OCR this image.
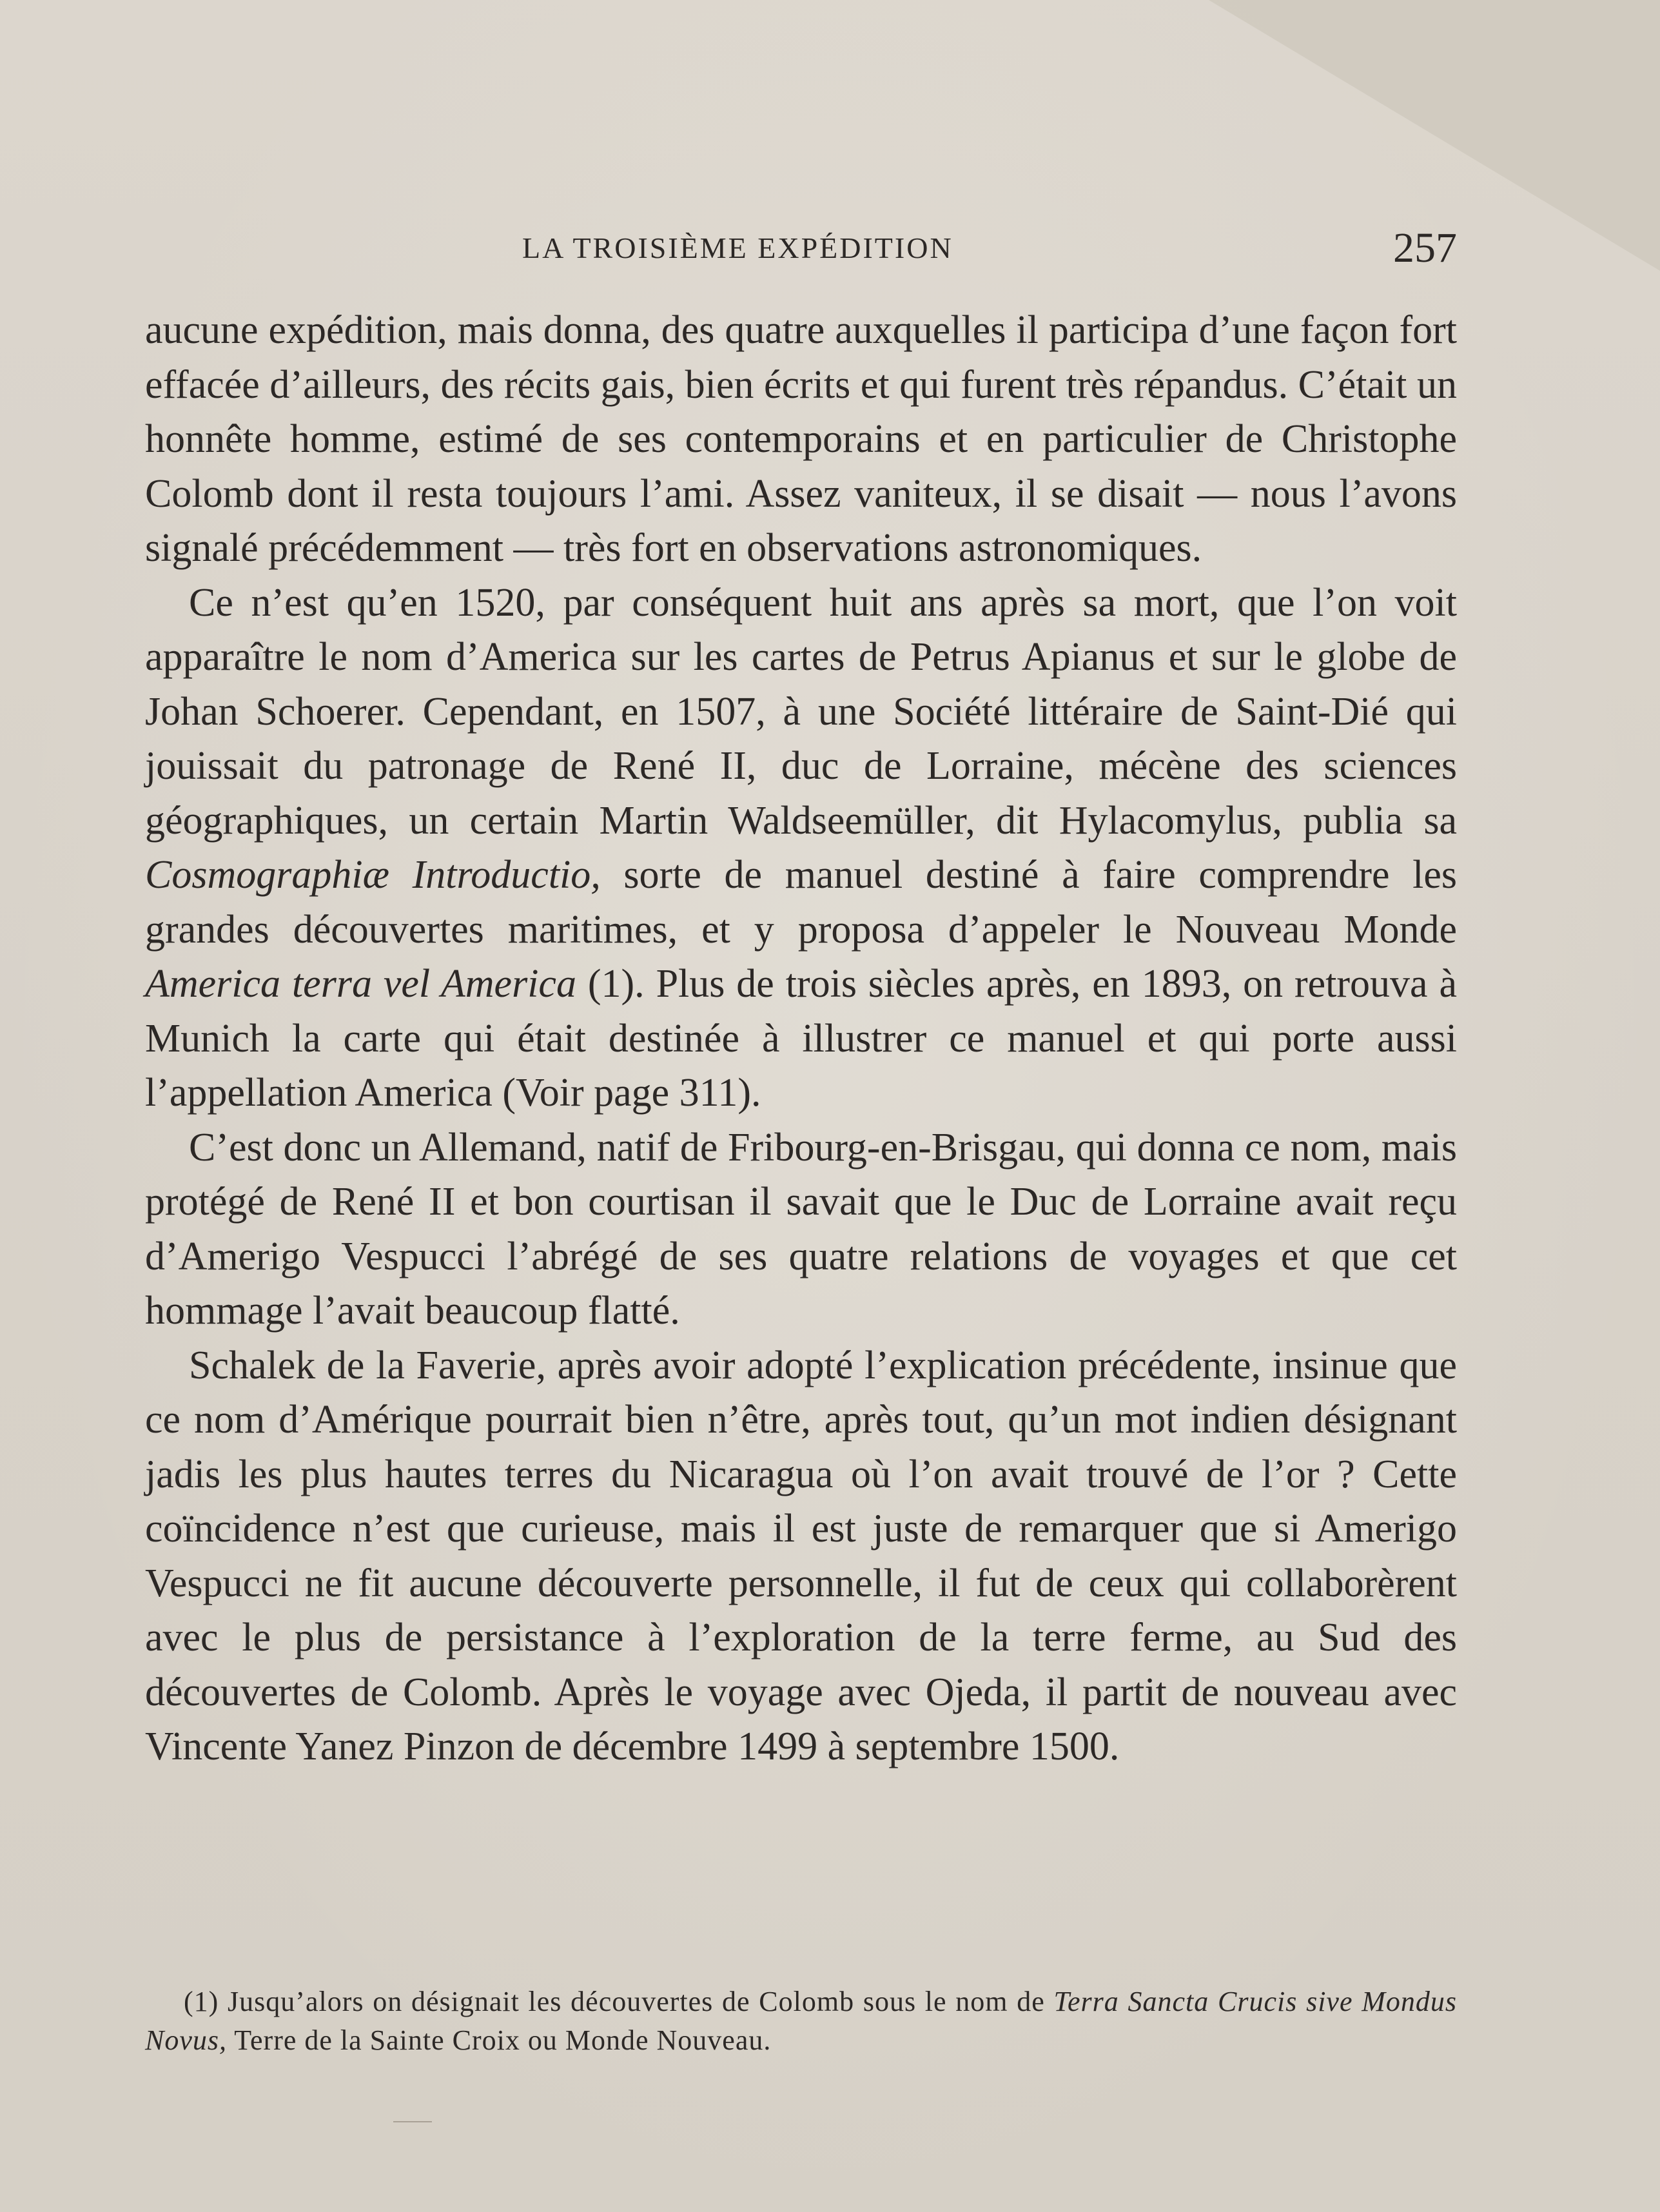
LA TROISIÈME EXPÉDITION	257

aucune expédition, mais donna, des quatre auxquelles il participa d’une façon fort effacée d’ailleurs, des récits gais, bien écrits et qui furent très répandus. C’était un honnête homme, estimé de ses contemporains et en particulier de Christophe Colomb dont il resta toujours l’ami. Assez vaniteux, il se disait — nous l’avons signalé précédemment — très fort en observations astronomiques.

Ce n’est qu’en 1520, par conséquent huit ans après sa mort, que l’on voit apparaître le nom d’America sur les cartes de Petrus Apianus et sur le globe de Johan Schoerer. Cependant, en 1507, à une Société littéraire de Saint-Dié qui jouissait du patronage de René II, duc de Lorraine, mécène des sciences géographiques, un certain Martin Waldseemüller, dit Hylacomylus, publia sa Cosmographiæ Introductio, sorte de manuel destiné à faire comprendre les grandes découvertes maritimes, et y proposa d’appeler le Nouveau Monde America terra vel America (1). Plus de trois siècles après, en 1893, on retrouva à Munich la carte qui était destinée à illustrer ce manuel et qui porte aussi l’appellation America (Voir page 311).

C’est donc un Allemand, natif de Fribourg-en-Brisgau, qui donna ce nom, mais protégé de René II et bon courtisan il savait que le Duc de Lorraine avait reçu d’Amerigo Vespucci l’abrégé de ses quatre relations de voyages et que cet hommage l’avait beaucoup flatté.

Schalek de la Faverie, après avoir adopté l’explication précédente, insinue que ce nom d’Amérique pourrait bien n’être, après tout, qu’un mot indien désignant jadis les plus hautes terres du Nicaragua où l’on avait trouvé de l’or ? Cette coïncidence n’est que curieuse, mais il est juste de remarquer que si Amerigo Vespucci ne fit aucune découverte personnelle, il fut de ceux qui collaborèrent avec le plus de persistance à l’exploration de la terre ferme, au Sud des découvertes de Colomb. Après le voyage avec Ojeda, il partit de nouveau avec Vincente Yanez Pinzon de décembre 1499 à septembre 1500.

(1) Jusqu’alors on désignait les découvertes de Colomb sous le nom de Terra Sancta Crucis sive Mondus Novus, Terre de la Sainte Croix ou Monde Nouveau.
